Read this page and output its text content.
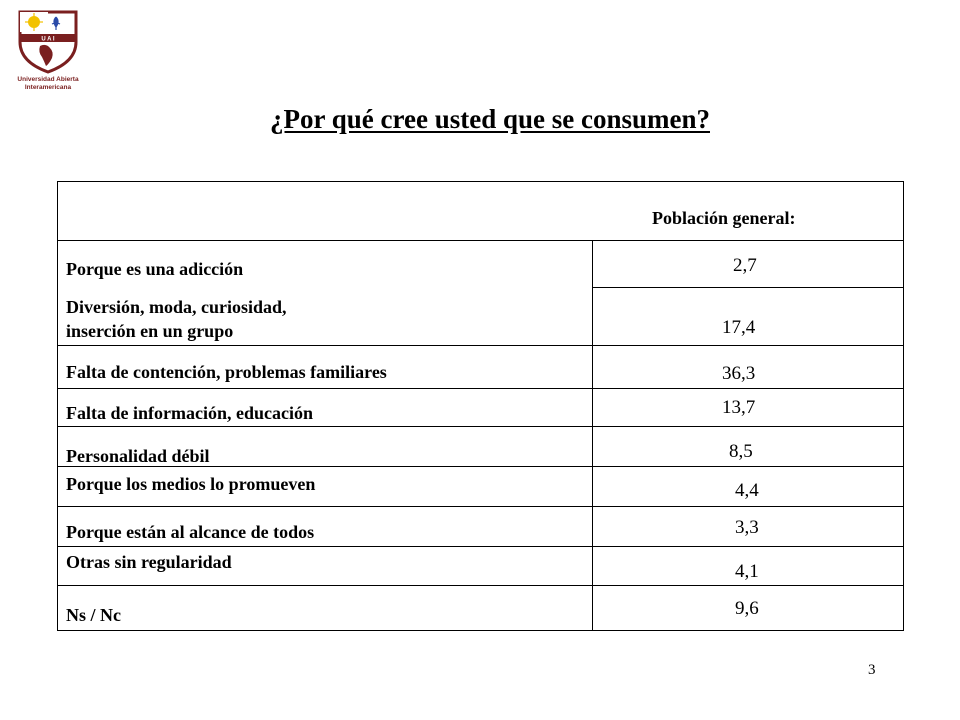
U A I
Universidad Abierta
Interamericana
¿Por qué cree usted que se consumen?
Población general:
Porque es una adicción	2,7
Diversión, moda, curiosidad,
inserción en un grupo	17,4
Falta de contención, problemas familiares	36,3
Falta de información, educación	13,7
Personalidad débil	8,5
Porque los medios lo promueven	4,4
Porque están al alcance de todos	3,3
Otras sin regularidad	4,1
Ns / Nc	9,6
3
